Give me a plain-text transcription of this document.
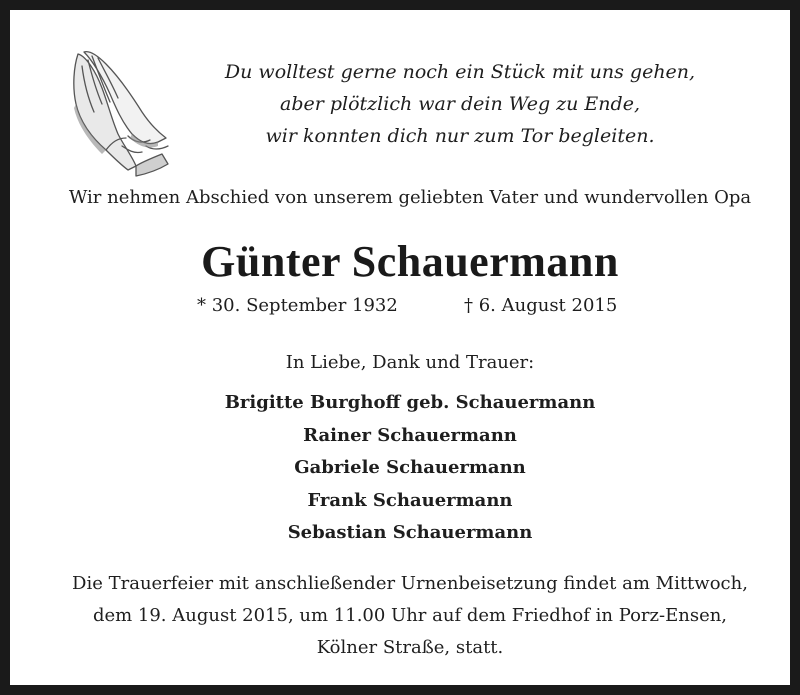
Du wolltest gerne noch ein Stück mit uns gehen,
aber plötzlich war dein Weg zu Ende,
wir konnten dich nur zum Tor begleiten.
Wir nehmen Abschied von unserem geliebten Vater und wundervollen Opa
Günter Schauermann
* 30. September 1932	† 6. August 2015
In Liebe, Dank und Trauer:
Brigitte Burghoff geb. Schauermann
Rainer Schauermann
Gabriele Schauermann
Frank Schauermann
Sebastian Schauermann
Die Trauerfeier mit anschließender Urnenbeisetzung findet am Mittwoch,
dem 19. August 2015, um 11.00 Uhr auf dem Friedhof in Porz-Ensen,
Kölner Straße, statt.
